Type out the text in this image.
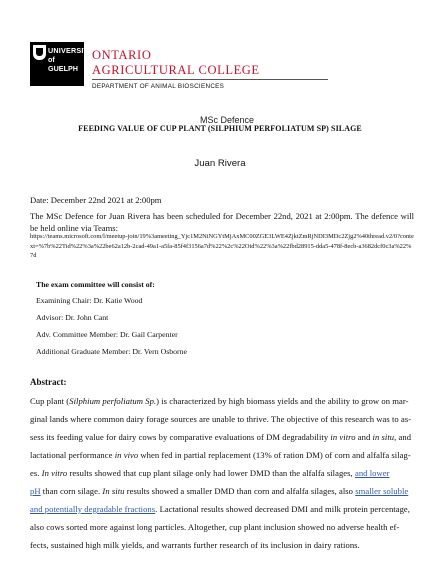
UNIVERSITY
of GUELPH
ONTARIO
AGRICULTURAL COLLEGE
DEPARTMENT OF ANIMAL BIOSCIENCES
MSc Defence
FEEDING VALUE OF CUP PLANT (SILPHIUM PERFOLIATUM SP) SILAGE
Juan Rivera
Date: December 22nd 2021 at 2:00pm
The MSc Defence for Juan Rivera has been scheduled for December 22nd, 2021 at 2:00pm. The defence will be held online via Teams:
https://teams.microsoft.com/l/meetup-join/19%3ameeting_Yjc1M2NiNGYtMjAxMC00ZGE3LWE4ZjktZmRjNDI3MDc2Zjg2%40thread.v2/0?context=%7b%22Tid%22%3a%22be62a12b-2cad-49a1-a5fa-85f4f3156a7d%22%2c%22Oid%22%3a%22fbd28915-dda5-478f-8ecb-a3682dcf0c3a%22%7d
The exam committee will consist of:
Examining Chair: Dr. Katie Wood
Advisor: Dr. John Cant
Adv. Committee Member: Dr. Gail Carpenter
Additional Graduate Member: Dr. Vern Osborne
Abstract:
Cup plant (Silphium perfoliatum Sp.) is characterized by high biomass yields and the ability to grow on mar-
ginal lands where common dairy forage sources are unable to thrive. The objective of this research was to as-
sess its feeding value for dairy cows by comparative evaluations of DM degradability in vitro and in situ, and
lactational performance in vivo when fed in partial replacement (13% of ration DM) of corn and alfalfa silag-
es. In vitro results showed that cup plant silage only had lower DMD than the alfalfa silages, and lower
pH than corn silage. In situ results showed a smaller DMD than corn and alfalfa silages, also smaller soluble
and potentially degradable fractions. Lactational results showed decreased DMI and milk protein percentage,
also cows sorted more against long particles. Altogether, cup plant inclusion showed no adverse health ef-
fects, sustained high milk yields, and warrants further research of its inclusion in dairy rations.
